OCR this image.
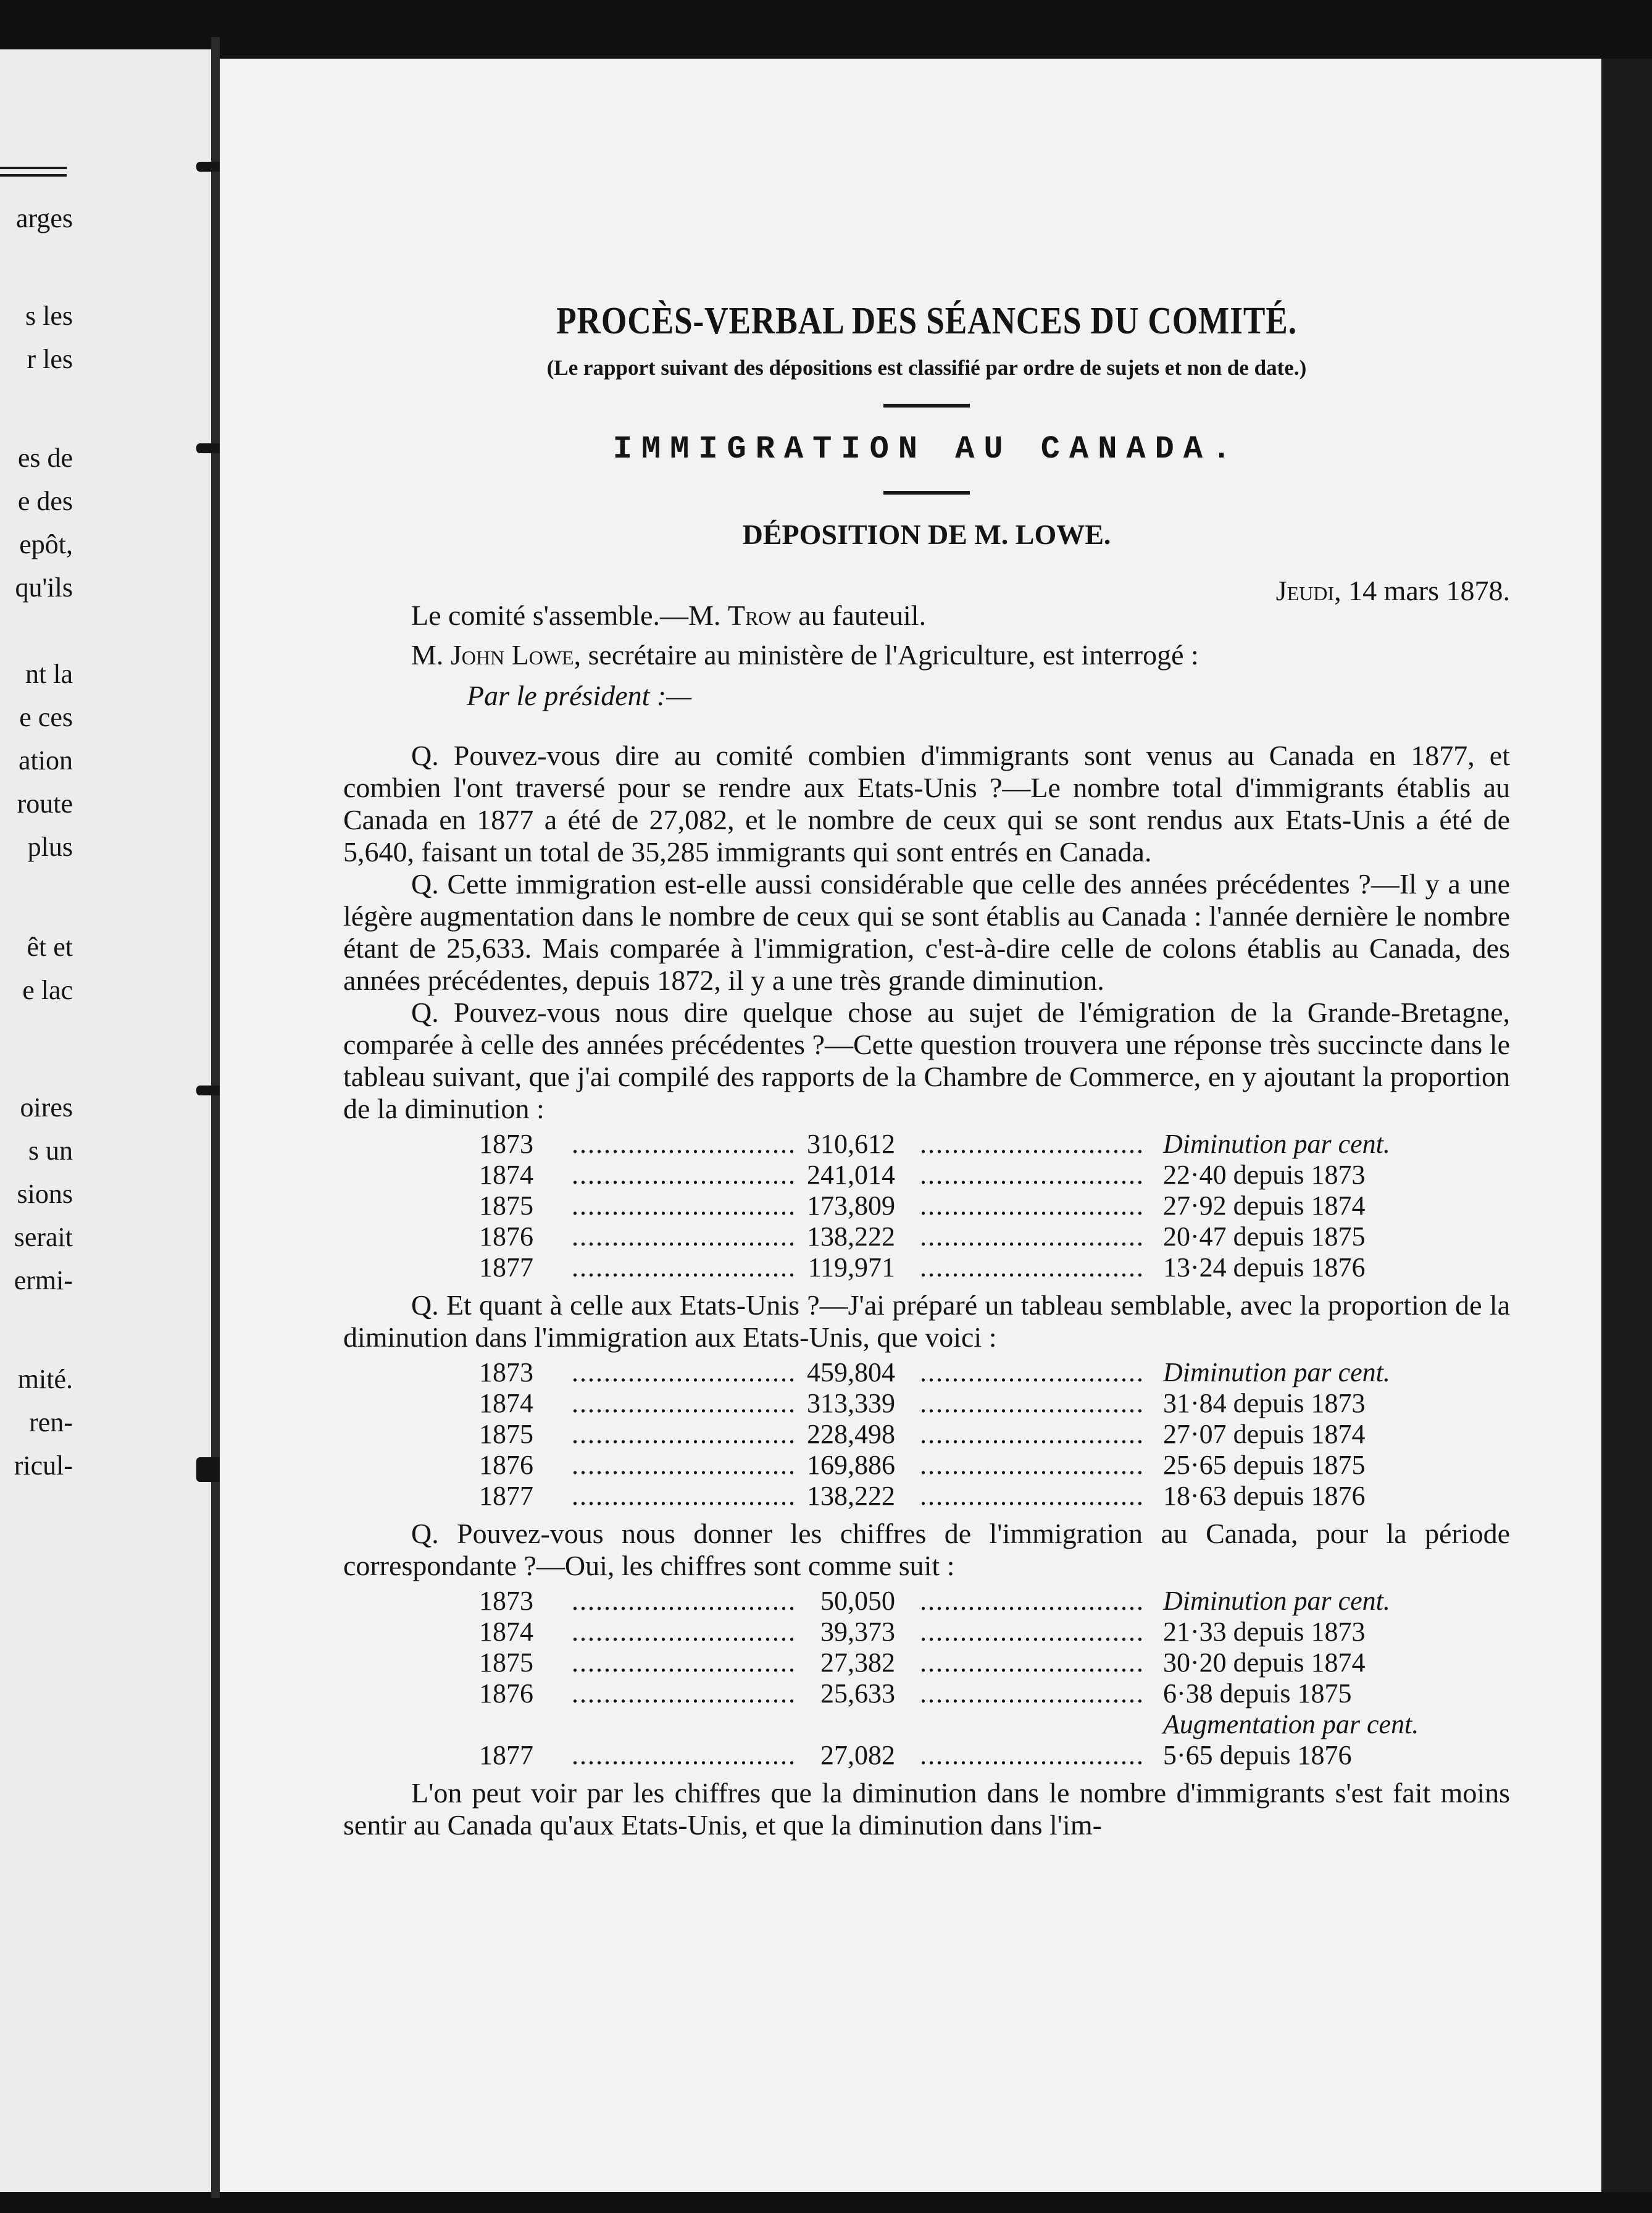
arges
s les
r les
es de
e des
epôt,
qu'ils
nt la
e ces
ation
route
plus
êt et
e lac
oires
s un
sions
serait
ermi-
mité.
ren-
ricul-
PROCÈS-VERBAL DES SÉANCES DU COMITÉ.
(Le rapport suivant des dépositions est classifié par ordre de sujets et non de date.)
IMMIGRATION AU CANADA.
DÉPOSITION DE M. LOWE.
Jeudi, 14 mars 1878.
Le comité s'assemble.—M. Trow au fauteuil.
M. John Lowe, secrétaire au ministère de l'Agriculture, est interrogé :
Par le président :—

Q. Pouvez-vous dire au comité combien d'immigrants sont venus au Canada en 1877, et combien l'ont traversé pour se rendre aux Etats-Unis ?—Le nombre total d'immigrants établis au Canada en 1877 a été de 27,082, et le nombre de ceux qui se sont rendus aux Etats-Unis a été de 5,640, faisant un total de 35,285 immigrants qui sont entrés en Canada.

Q. Cette immigration est-elle aussi considérable que celle des années précédentes ?—Il y a une légère augmentation dans le nombre de ceux qui se sont établis au Canada : l'année dernière le nombre étant de 25,633. Mais comparée à l'immigration, c'est-à-dire celle de colons établis au Canada, des années précédentes, depuis 1872, il y a une très grande diminution.

Q. Pouvez-vous nous dire quelque chose au sujet de l'émigration de la Grande-Bretagne, comparée à celle des années précédentes ?—Cette question trouvera une réponse très succincte dans le tableau suivant, que j'ai compilé des rapports de la Chambre de Commerce, en y ajoutant la proportion de la diminution :

1873	............................	310,612	............................	Diminution par cent.
1874	............................	241,014	............................	22·40 depuis 1873
1875	............................	173,809	............................	27·92 depuis 1874
1876	............................	138,222	............................	20·47 depuis 1875
1877	............................	119,971	............................	13·24 depuis 1876

Q. Et quant à celle aux Etats-Unis ?—J'ai préparé un tableau semblable, avec la proportion de la diminution dans l'immigration aux Etats-Unis, que voici :

1873	............................	459,804	............................	Diminution par cent.
1874	............................	313,339	............................	31·84 depuis 1873
1875	............................	228,498	............................	27·07 depuis 1874
1876	............................	169,886	............................	25·65 depuis 1875
1877	............................	138,222	............................	18·63 depuis 1876

Q. Pouvez-vous nous donner les chiffres de l'immigration au Canada, pour la période correspondante ?—Oui, les chiffres sont comme suit :

1873	............................	50,050	............................	Diminution par cent.
1874	............................	39,373	............................	21·33 depuis 1873
1875	............................	27,382	............................	30·20 depuis 1874
1876	............................	25,633	............................	6·38 depuis 1875
				Augmentation par cent.
1877	............................	27,082	............................	5·65 depuis 1876

L'on peut voir par les chiffres que la diminution dans le nombre d'immigrants s'est fait moins sentir au Canada qu'aux Etats-Unis, et que la diminution dans l'im-
